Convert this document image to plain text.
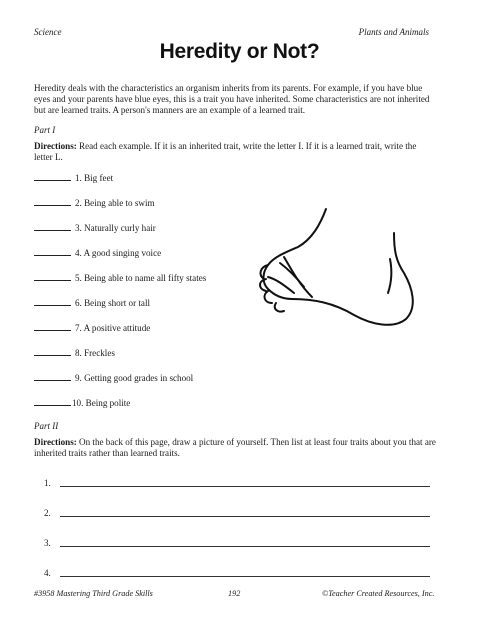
Science	Plants and Animals
Heredity or Not?
Heredity deals with the characteristics an organism inherits from its parents. For example, if you have blue eyes and your parents have blue eyes, this is a trait you have inherited. Some characteristics are not inherited but are learned traits. A person's manners are an example of a learned trait.
Part I
Directions: Read each example. If it is an inherited trait, write the letter I. If it is a learned trait, write the letter L.
1. Big feet
2. Being able to swim
3. Naturally curly hair
4. A good singing voice
5. Being able to name all fifty states
6. Being short or tall
7. A positive attitude
8. Freckles
9. Getting good grades in school
10. Being polite
Part II
Directions: On the back of this page, draw a picture of yourself. Then list at least four traits about you that are inherited traits rather than learned traits.
1.
2.
3.
4.
#3958 Mastering Third Grade Skills	192	©Teacher Created Resources, Inc.
